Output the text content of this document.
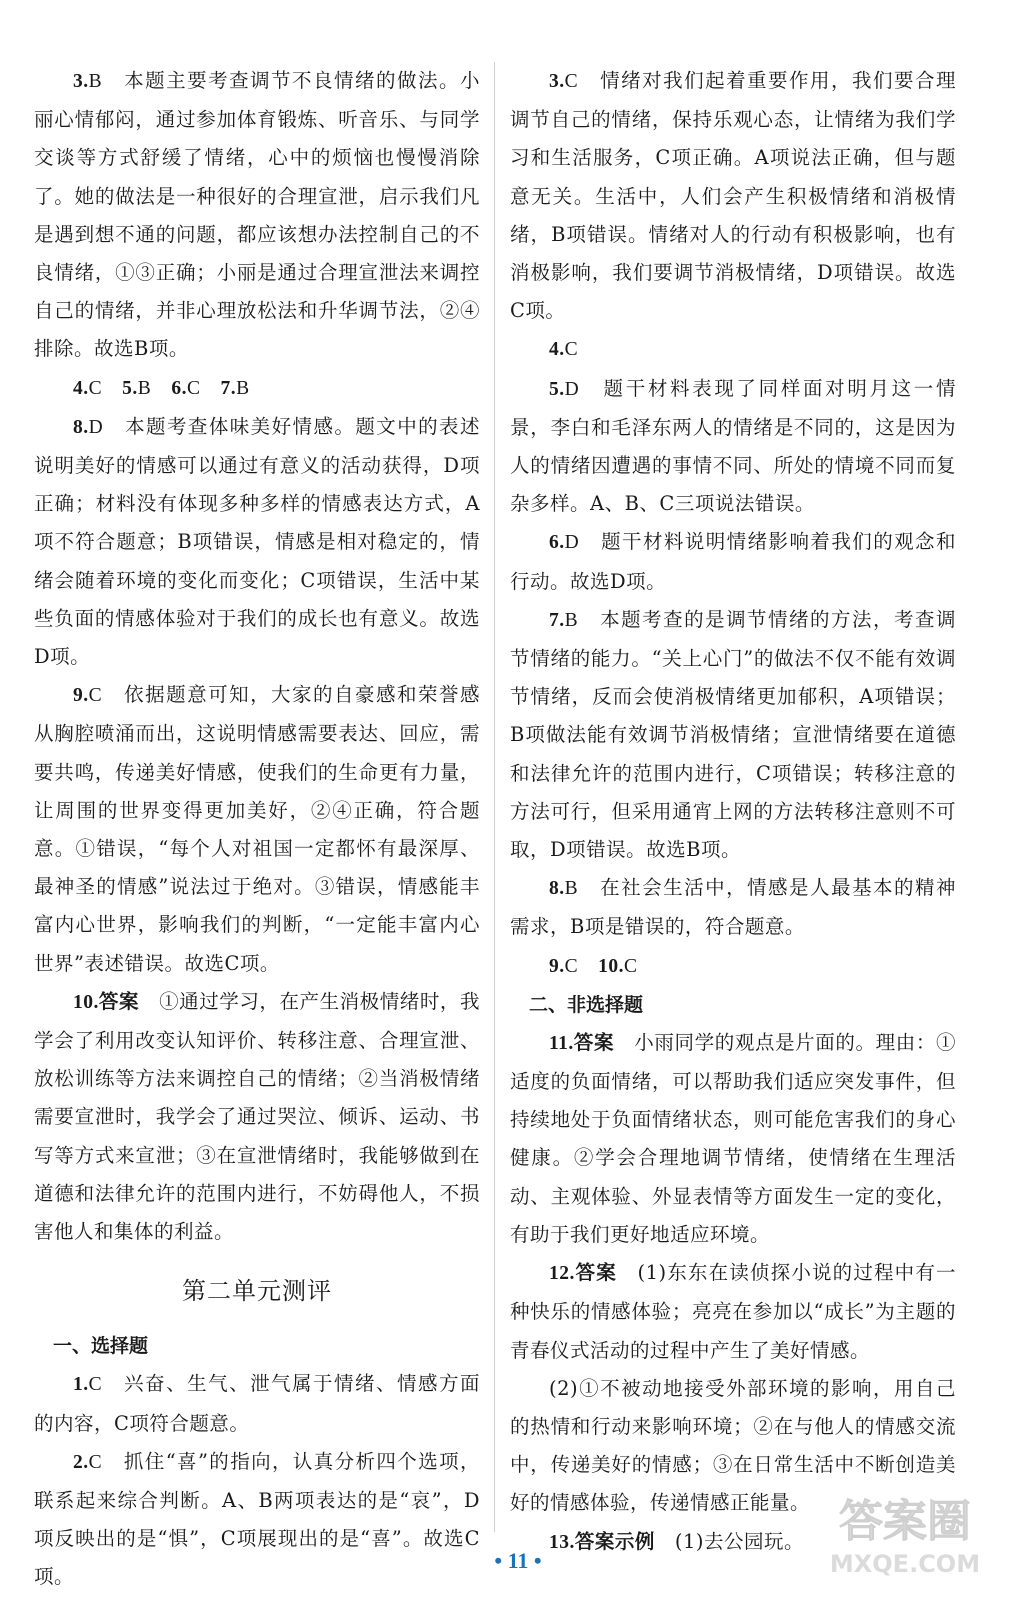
3.B　 本题主要考查调节不良情绪的做法。小丽心情郁闷，通过参加体育锻炼、听音乐、与同学交谈等方式舒缓了情绪，心中的烦恼也慢慢消除了。她的做法是一种很好的合理宣泄，启示我们凡是遇到想不通的问题，都应该想办法控制自己的不良情绪，①③正确；小丽是通过合理宣泄法来调控自己的情绪，并非心理放松法和升华调节法，②④排除。故选B项。

4.C　 5.B　 6.C　 7.B

8.D　 本题考查体味美好情感。题文中的表述说明美好的情感可以通过有意义的活动获得，D项正确；材料没有体现多种多样的情感表达方式，A项不符合题意；B项错误，情感是相对稳定的，情绪会随着环境的变化而变化；C项错误，生活中某些负面的情感体验对于我们的成长也有意义。故选D项。

9.C　 依据题意可知，大家的自豪感和荣誉感从胸腔喷涌而出，这说明情感需要表达、回应，需要共鸣，传递美好情感，使我们的生命更有力量，让周围的世界变得更加美好，②④正确，符合题意。①错误，“每个人对祖国一定都怀有最深厚、最神圣的情感”说法过于绝对。③错误，情感能丰富内心世界，影响我们的判断，“一定能丰富内心世界”表述错误。故选C项。

10.答案　 ①通过学习，在产生消极情绪时，我学会了利用改变认知评价、转移注意、合理宣泄、放松训练等方法来调控自己的情绪；②当消极情绪需要宣泄时，我学会了通过哭泣、倾诉、运动、书写等方式来宣泄；③在宣泄情绪时，我能够做到在道德和法律允许的范围内进行，不妨碍他人，不损害他人和集体的利益。

第二单元测评
一、选择题

1.C　 兴奋、生气、泄气属于情绪、情感方面的内容，C项符合题意。

2.C　 抓住“喜”的指向，认真分析四个选项，联系起来综合判断。A、B两项表达的是“哀”，D项反映出的是“惧”，C项展现出的是“喜”。故选C项。

3.C　 情绪对我们起着重要作用，我们要合理调节自己的情绪，保持乐观心态，让情绪为我们学习和生活服务，C项正确。A项说法正确，但与题意无关。生活中，人们会产生积极情绪和消极情绪，B项错误。情绪对人的行动有积极影响，也有消极影响，我们要调节消极情绪，D项错误。故选C项。

4.C

5.D　 题干材料表现了同样面对明月这一情景，李白和毛泽东两人的情绪是不同的，这是因为人的情绪因遭遇的事情不同、所处的情境不同而复杂多样。A、B、C三项说法错误。

6.D　 题干材料说明情绪影响着我们的观念和行动。故选D项。

7.B　 本题考查的是调节情绪的方法，考查调节情绪的能力。“关上心门”的做法不仅不能有效调节情绪，反而会使消极情绪更加郁积，A项错误；B项做法能有效调节消极情绪；宣泄情绪要在道德和法律允许的范围内进行，C项错误；转移注意的方法可行，但采用通宵上网的方法转移注意则不可取，D项错误。故选B项。

8.B　 在社会生活中，情感是人最基本的精神需求，B项是错误的，符合题意。

9.C　 10.C

二、非选择题

11.答案　 小雨同学的观点是片面的。理由：①适度的负面情绪，可以帮助我们适应突发事件，但持续地处于负面情绪状态，则可能危害我们的身心健康。②学会合理地调节情绪，使情绪在生理活动、主观体验、外显表情等方面发生一定的变化，有助于我们更好地适应环境。

12.答案　 (1)东东在读侦探小说的过程中有一种快乐的情感体验；亮亮在参加以“成长”为主题的青春仪式活动的过程中产生了美好情感。

(2)①不被动地接受外部环境的影响，用自己的热情和行动来影响环境；②在与他人的情感交流中，传递美好的情感；③在日常生活中不断创造美好的情感体验，传递情感正能量。

13.答案示例　 (1)去公园玩。

• 11 •
答案圈
MXQE.COM
